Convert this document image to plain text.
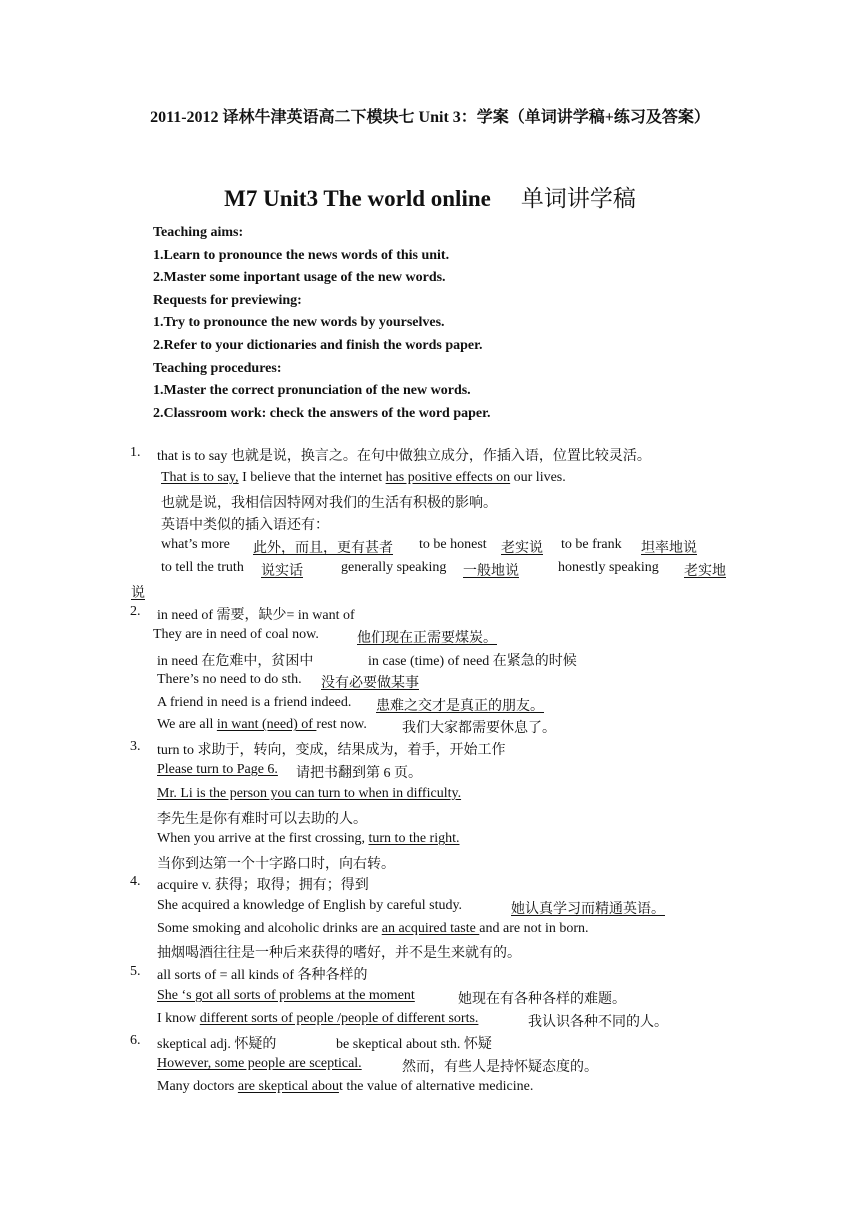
2011-2012 译林牛津英语高二下模块七 Unit 3：学案（单词讲学稿+练习及答案）
M7 Unit3 The world online 单词讲学稿
Teaching aims:
1.Learn to pronounce the news words of this unit.
2.Master some inportant usage of the new words.
Requests for previewing:
1.Try to pronounce the new words by yourselves.
2.Refer to your dictionaries and finish the words paper.
Teaching procedures:
1.Master the correct pronunciation of the new words.
2.Classroom work: check the answers of the word paper.
1. that is to say 也就是说，换言之。在句中做独立成分，作插入语，位置比较灵活。
That is to say, I believe that the internet has positive effects on our lives.
也就是说，我相信因特网对我们的生活有积极的影响。
英语中类似的插入语还有：
what’s more 此外，而且，更有甚者 to be honest 老实说 to be frank 坦率地说
to tell the truth 说实话	generally speaking 一般地说	honestly speaking 老实地
说
2. in need of 需要，缺少= in want of
They are in need of coal now.	他们现在正需要煤炭。
in need 在危难中，贫困中	in case (time) of need 在紧急的时候
There’s no need to do sth. 没有必要做某事
A friend in need is a friend indeed. 患难之交才是真正的朋友。
We are all in want (need) of rest now.	我们大家都需要休息了。
3. turn to 求助于，转向，变成，结果成为，着手，开始工作
Please turn to Page 6. 请把书翻到第 6 页。
Mr. Li is the person you can turn to when in difficulty.
李先生是你有难时可以去助的人。
When you arrive at the first crossing, turn to the right.
当你到达第一个十字路口时，向右转。
4. acquire v. 获得；取得；拥有；得到
She acquired a knowledge of English by careful study.	她认真学习而精通英语。
Some smoking and alcoholic drinks are an acquired taste and are not in born.
抽烟喝酒往往是一种后来获得的嗜好，并不是生来就有的。
5. all sorts of = all kinds of 各种各样的
She ‘s got all sorts of problems at the moment	她现在有各种各样的难题。
I know different sorts of people /people of different sorts.	我认识各种不同的人。
6. skeptical adj. 怀疑的	be skeptical about sth. 怀疑
However, some people are sceptical.	然而，有些人是持怀疑态度的。
Many doctors are skeptical about the value of alternative medicine.
